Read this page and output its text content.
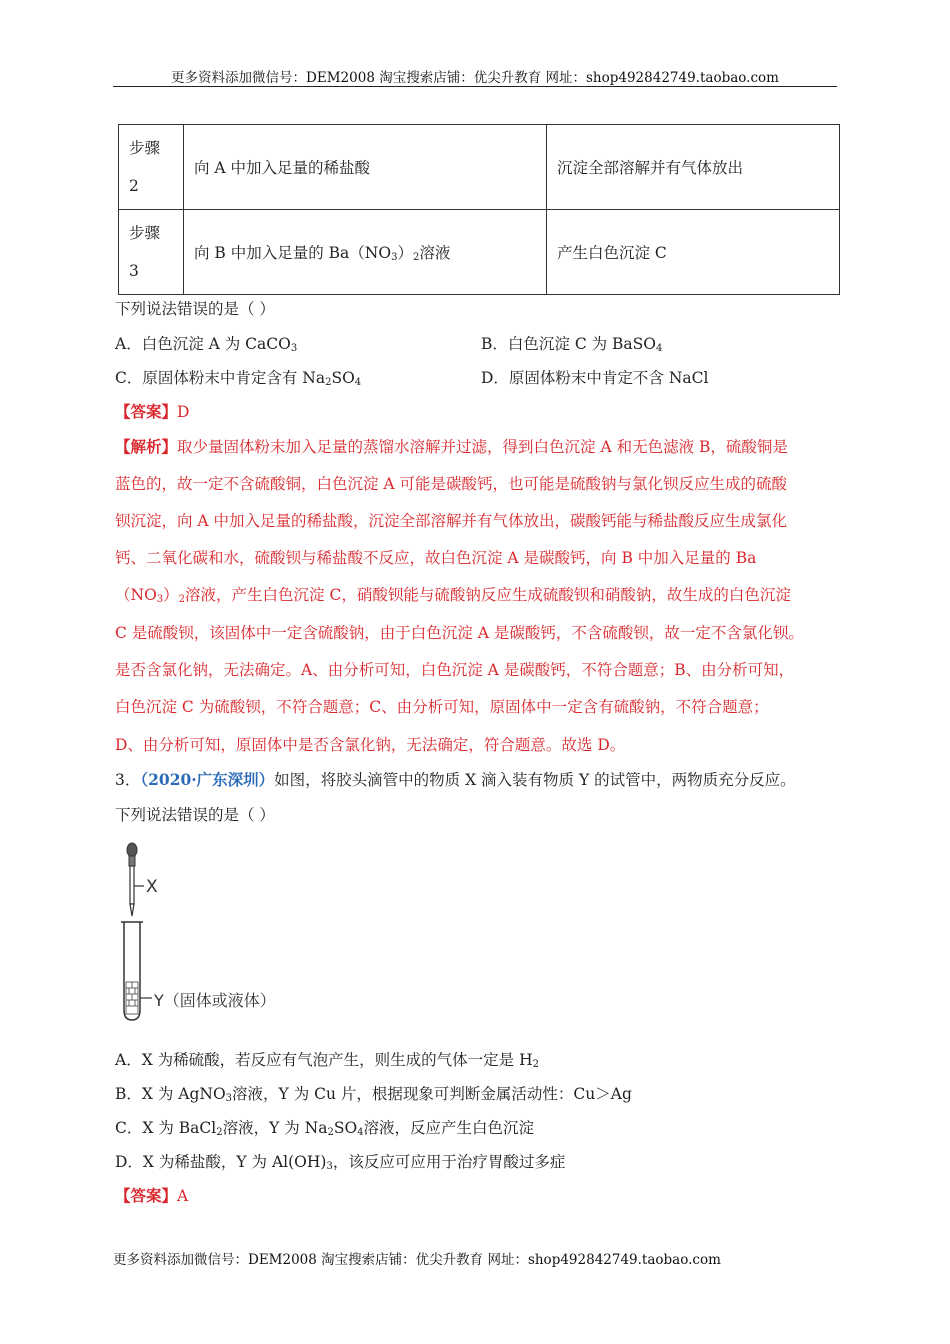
更多资料添加微信号：DEM2008 淘宝搜索店铺：优尖升教育 网址：shop492842749.taobao.com
步骤
2	向 A 中加入足量的稀盐酸	沉淀全部溶解并有气体放出
步骤
3	向 B 中加入足量的 $Ba(NO_3)_2$溶液	产生白色沉淀 C
下列说法错误的是（ ）
A．白色沉淀 A 为 CaCO$_3$	B．白色沉淀 C 为 BaSO$_4$
C．原固体粉末中肯定含有 $Na_2SO_4$	D．原固体粉末中肯定不含 NaCl
【答案】D
【解析】取少量固体粉末加入足量的蒸馏水溶解并过滤，得到白色沉淀 A 和无色滤液 B，硫酸铜是
蓝色的，故一定不含硫酸铜，白色沉淀 A 可能是碳酸钙，也可能是硫酸钠与氯化钡反应生成的硫酸
钡沉淀，向 A 中加入足量的稀盐酸，沉淀全部溶解并有气体放出，碳酸钙能与稀盐酸反应生成氯化
钙、二氧化碳和水，硫酸钡与稀盐酸不反应，故白色沉淀 A 是碳酸钙，向 B 中加入足量的 Ba
$(NO_3)_2$溶液，产生白色沉淀 C，硝酸钡能与硫酸钠反应生成硫酸钡和硝酸钠，故生成的白色沉淀
C 是硫酸钡，该固体中一定含硫酸钠，由于白色沉淀 A 是碳酸钙，不含硫酸钡，故一定不含氯化钡。
是否含氯化钠，无法确定。A、由分析可知，白色沉淀 A 是碳酸钙，不符合题意；B、由分析可知，
白色沉淀 C 为硫酸钡，不符合题意；C、由分析可知，原固体中一定含有硫酸钠，不符合题意；
D、由分析可知，原固体中是否含氯化钠，无法确定，符合题意。故选 D。
3．（2020·广东深圳）如图，将胶头滴管中的物质 X 滴入装有物质 Y 的试管中，两物质充分反应。
下列说法错误的是（ ）
X
Y（固体或液体）
A．X 为稀硫酸，若反应有气泡产生，则生成的气体一定是 $H_2$
B．X 为 AgNO$_3$溶液，Y 为 Cu 片，根据现象可判断金属活动性：Cu＞Ag
C．X 为 BaCl$_2$溶液，Y 为 $Na_2SO_4$溶液，反应产生白色沉淀
D．X 为稀盐酸，Y 为 $Al(OH)_3$，该反应可应用于治疗胃酸过多症
【答案】A
更多资料添加微信号：DEM2008 淘宝搜索店铺：优尖升教育 网址：shop492842749.taobao.com
